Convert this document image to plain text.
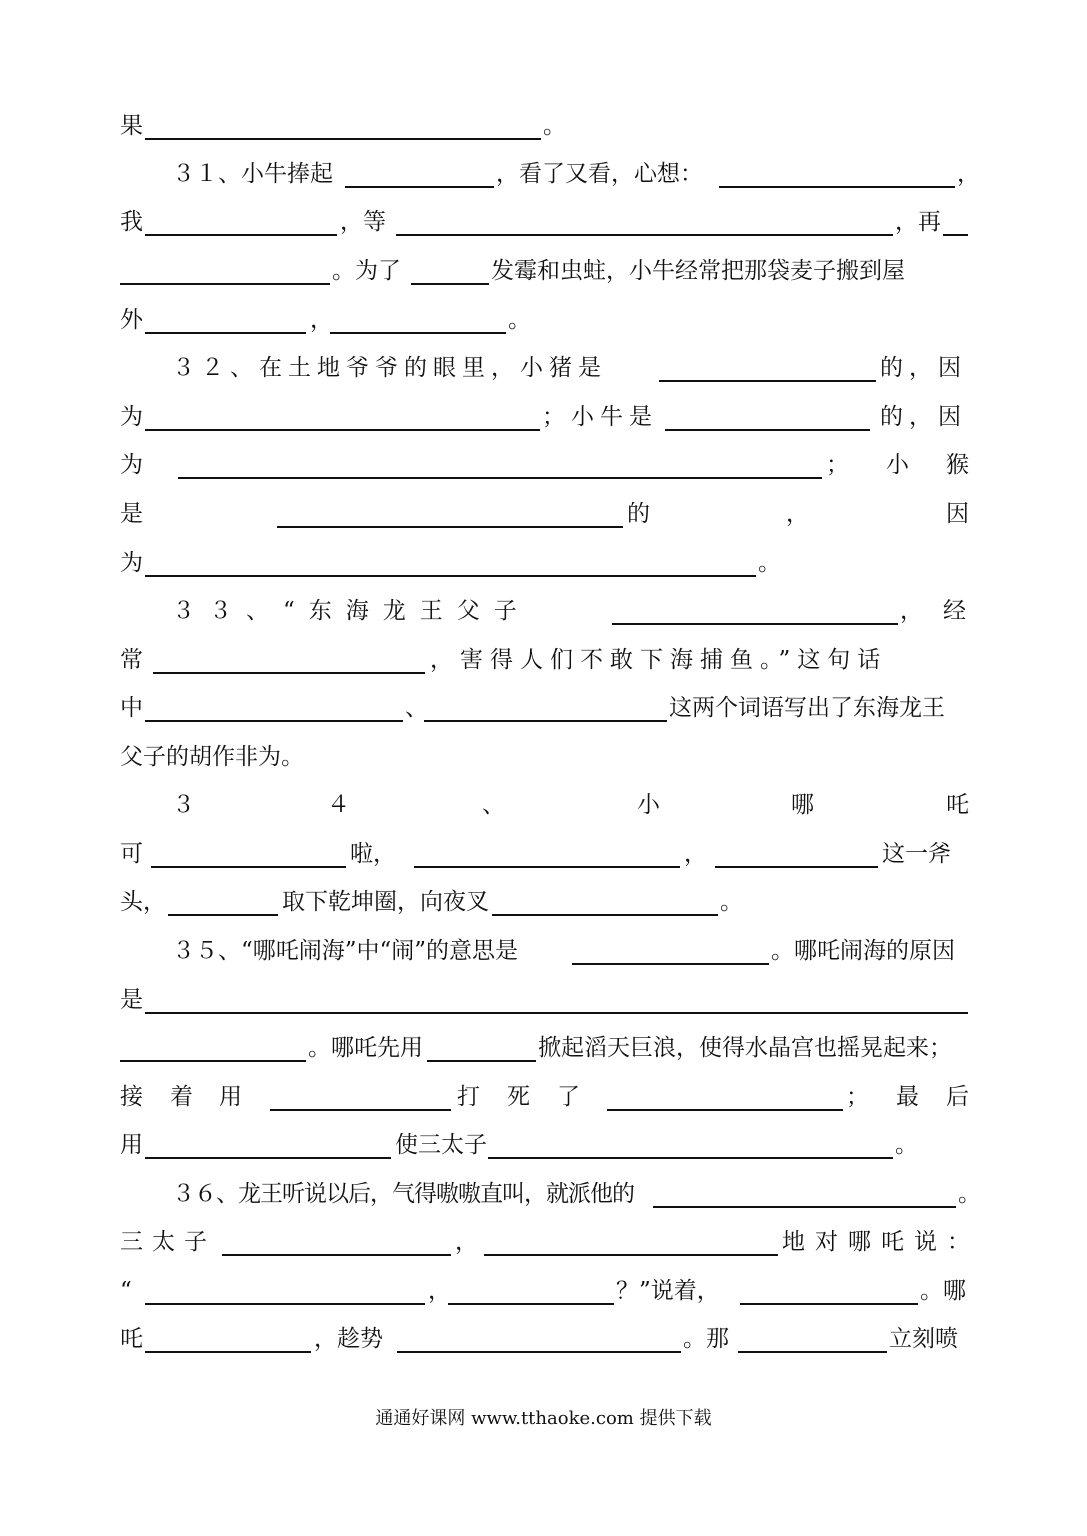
果	。
３１、小牛捧起	，看了又看，心想：	，
我	，等	，再
。为了	发霉和虫蛀，小牛经常把那袋麦子搬到屋
外	，	。
３２、在土地爷爷的眼里，小猪是	的，因
为	；小牛是	的，因
为	； 小 猴
是	的	，	因
为	。
３３、“东海龙王父子	，经
常	，害得人们不敢下海捕鱼。”这句话
中	、	这两个词语写出了东海龙王
父子的胡作非为。
３	４	、	小	哪	吒
可	啦，	，	这一斧
头，	取下乾坤圈，向夜叉	。
３５、“哪吒闹海”中“闹”的意思是	。哪吒闹海的原因
是
。哪吒先用	掀起滔天巨浪，使得水晶宫也摇晃起来；
接 着 用	打 死 了	； 最 后
用	使三太子	。
３６、龙王听说以后，气得嗷嗷直叫，就派他的	。
三太子	，	地对哪吒说：
“	，	？”说着，	。哪
吒	，趁势	。那	立刻喷
通通好课网 www.tthaoke.com 提供下载
